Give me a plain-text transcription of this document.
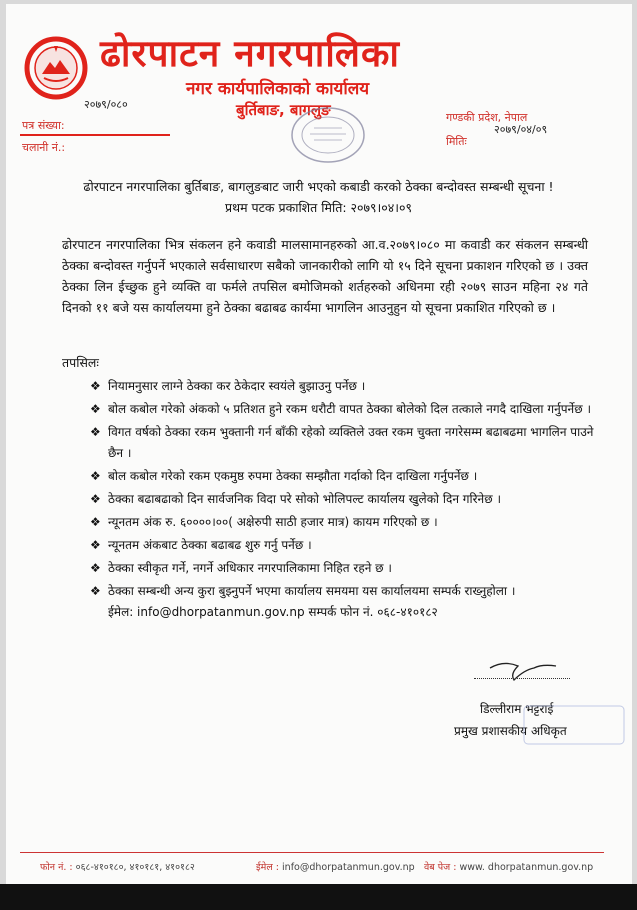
ढोरपाटन नगरपालिका
नगर कार्यपालिकाको कार्यालय
बुर्तिबाङ, बागलुङ
२०७९/०८०
पत्र संख्या:
चलानी नं.:
गण्डकी प्रदेश, नेपाल
२०७९/०४/०९
मितिः
ढोरपाटन नगरपालिका बुर्तिबाङ, बागलुङबाट जारी भएको कबाडी करको ठेक्का बन्दोवस्त सम्बन्धी सूचना !
प्रथम पटक प्रकाशित मिति: २०७९।०४।०९
ढोरपाटन नगरपालिका भित्र संकलन हने कवाडी मालसामानहरुको आ.व.२०७९।०८० मा कवाडी कर संकलन सम्बन्धी ठेक्का बन्दोवस्त गर्नुपर्ने भएकाले सर्वसाधारण सबैको जानकारीको लागि यो १५ दिने सूचना प्रकाशन गरिएको छ । उक्त ठेक्का लिन ईच्छुक हुने व्यक्ति वा फर्मले तपसिल बमोजिमको शर्तहरुको अधिनमा रही २०७९ साउन महिना २४ गते दिनको ११ बजे यस कार्यालयमा हुने ठेक्का बढाबढ कार्यमा भागलिन आउनुहुन यो सूचना प्रकाशित गरिएको छ ।
तपसिलः
❖ नियामनुसार लाग्ने ठेक्का कर ठेकेदार स्वयंले बुझाउनु पर्नेछ ।
❖ बोल कबोल गरेको अंकको ५ प्रतिशत हुने रकम धरौटी वापत ठेक्का बोलेको दिल तत्काले नगदै दाखिला गर्नुपर्नेछ ।
❖ विगत वर्षको ठेक्का रकम भुक्तानी गर्न बाँकी रहेको व्यक्तिले उक्त रकम चुक्ता नगरेसम्म बढाबढमा भागलिन पाउने छैन ।
❖ बोल कबोल गरेको रकम एकमुष्ठ रुपमा ठेक्का सम्झौता गर्दाको दिन दाखिला गर्नुपर्नेछ ।
❖ ठेक्का बढाबढाको दिन सार्वजनिक विदा परे सोको भोलिपल्ट कार्यालय खुलेको दिन गरिनेछ ।
❖ न्यूनतम अंक रु. ६००००।००( अक्षेरुपी साठी हजार मात्र) कायम गरिएको छ ।
❖ न्यूनतम अंकबाट ठेक्का बढाबढ शुरु गर्नु पर्नेछ ।
❖ ठेक्का स्वीकृत गर्ने, नगर्ने अधिकार नगरपालिकामा निहित रहने छ ।
❖ ठेक्का सम्बन्धी अन्य कुरा बुझ्नुपर्ने भएमा कार्यालय समयमा यस कार्यालयमा सम्पर्क राख्नुहोला ।
ईमेल: info@dhorpatanmun.gov.np सम्पर्क फोन नं. ०६८-४१०१८२
डिल्लीराम भट्टराई
प्रमुख प्रशासकीय अधिकृत
फोन नं. : ०६८-४१०१८०, ४१०१८१, ४१०१८२	ईमेल : info@dhorpatanmun.gov.np वेब पेज : www. dhorpatanmun.gov.np
